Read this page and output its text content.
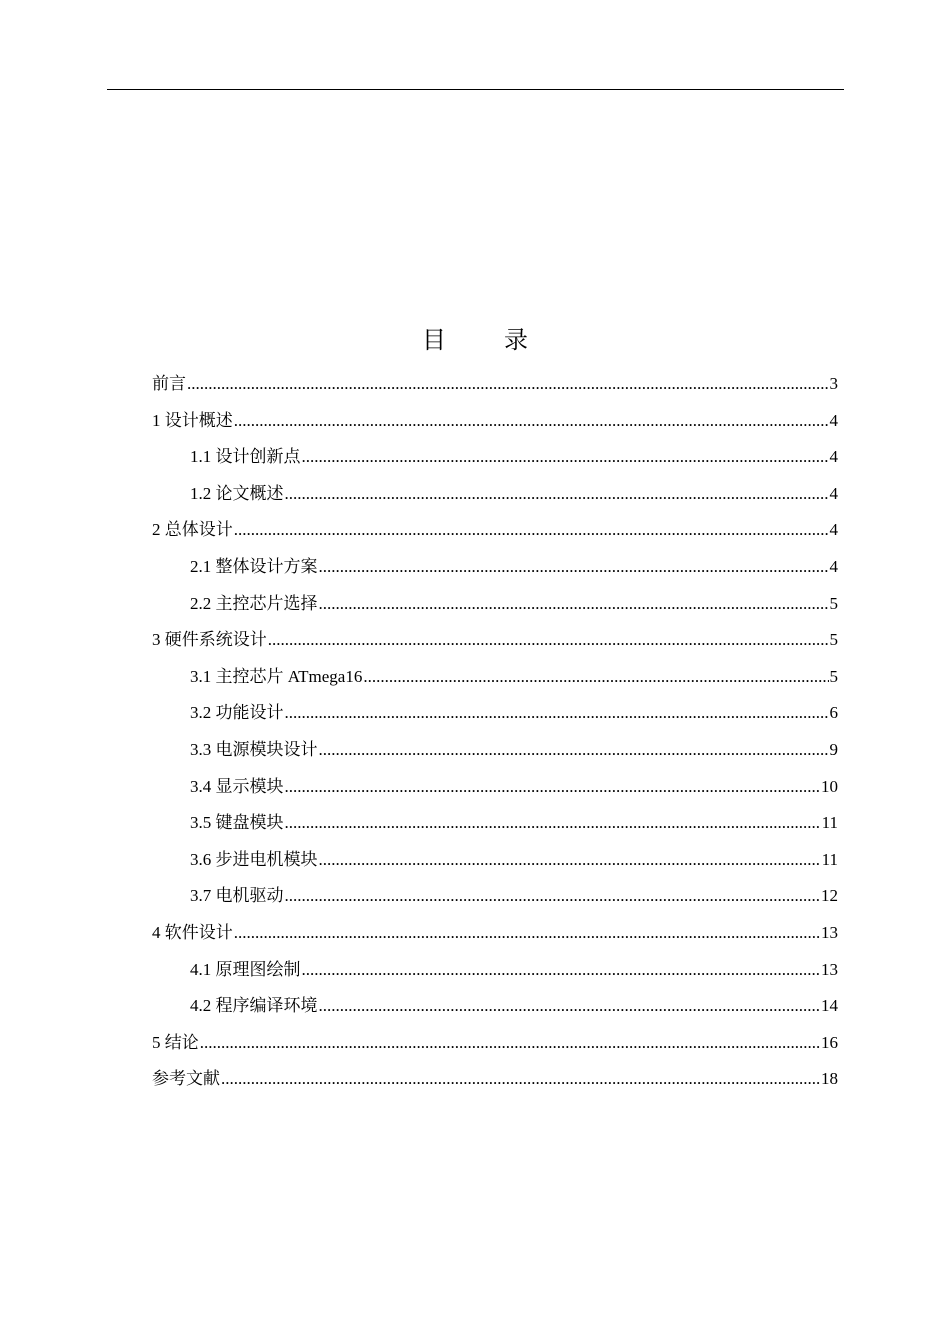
目 录
前言 .....	3
1 设计概述 .....	4
1.1 设计创新点 .....	4
1.2 论文概述 .....	4
2 总体设计 .....	4
2.1 整体设计方案 .....	4
2.2 主控芯片选择 .....	5
3 硬件系统设计 .....	5
3.1 主控芯片 ATmega16 .....	5
3.2 功能设计 .....	6
3.3 电源模块设计 .....	9
3.4 显示模块 .....	10
3.5 键盘模块 .....	11
3.6 步进电机模块 .....	11
3.7 电机驱动 .....	12
4 软件设计 .....	13
4.1 原理图绘制 .....	13
4.2 程序编译环境 .....	14
5 结论 .....	16
参考文献 .....	18
